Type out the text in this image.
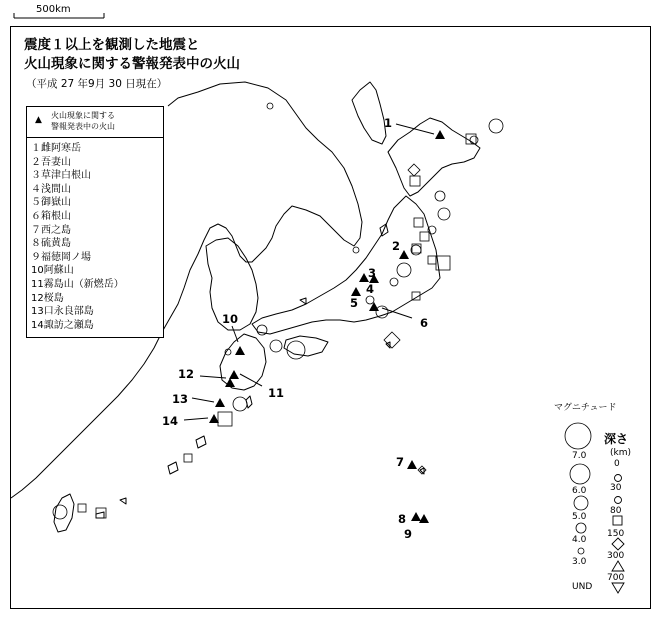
500km
震度１以上を観測した地震と
火山現象に関する警報発表中の火山
（平成 27 年9月 30 日現在）
▲ 火山現象に関する
警報発表中の火山
１雌阿寒岳
２吾妻山
３草津白根山
４浅間山
５御嶽山
６箱根山
７西之島
８硫黄島
９福徳岡ノ場
10阿蘇山
11霧島山（新燃岳）
12桜島
13口永良部島
14諏訪之瀬島
1
2
3
4
5
6
7
8
9
10
11
12
13
14
マグニチュード
7.0
6.0
5.0
4.0
3.0
深さ
(km)
0
30
80
150
300
700
UND
